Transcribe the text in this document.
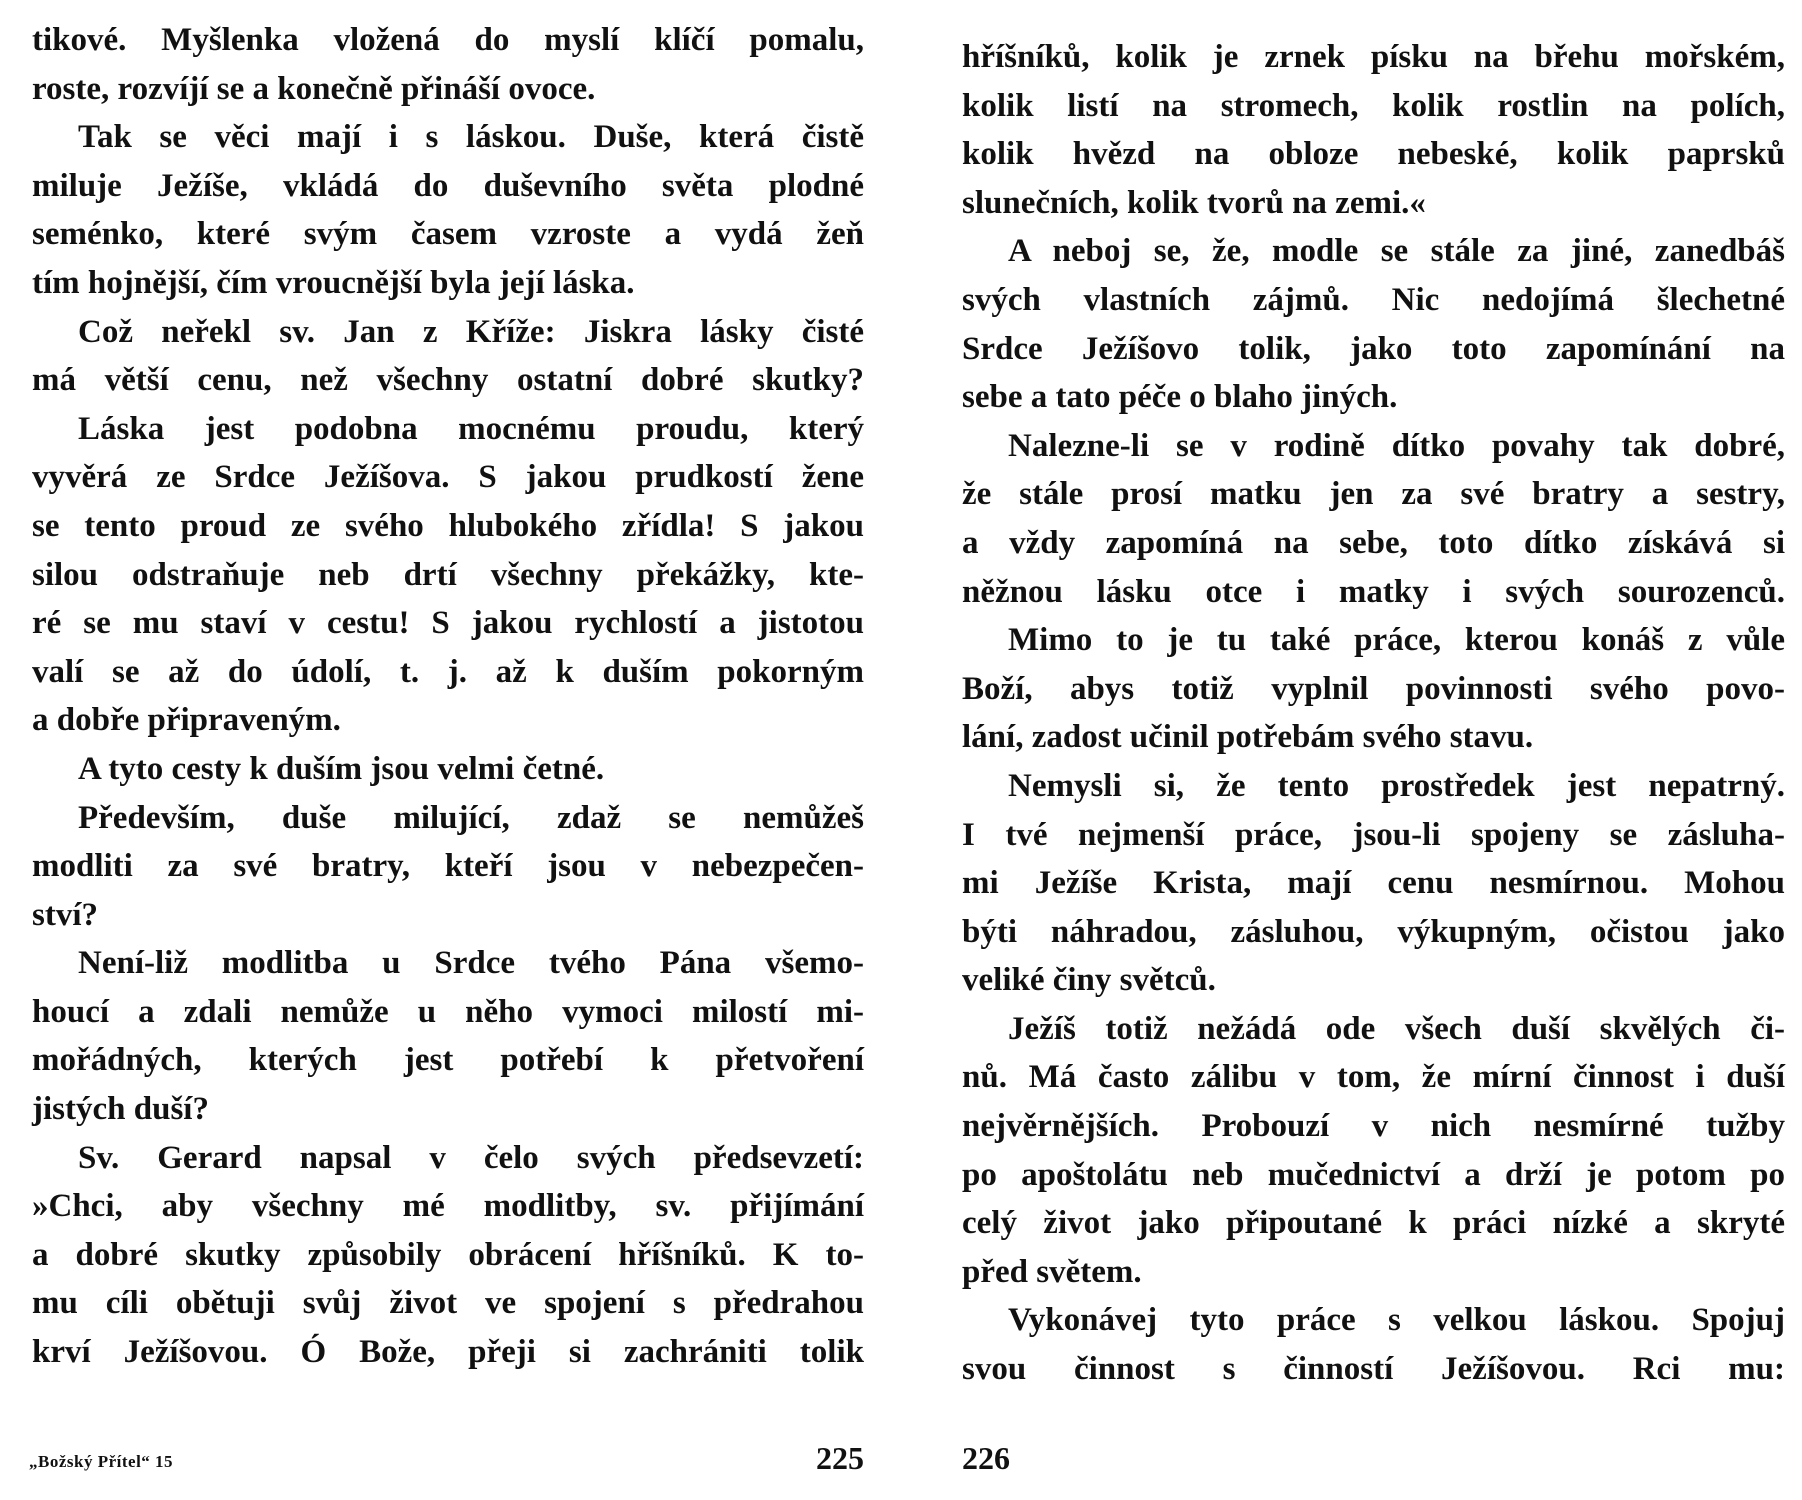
tikové. Myšlenka vložená do myslí klíčí pomalu,
roste, rozvíjí se a konečně přináší ovoce.
Tak se věci mají i s láskou. Duše, která čistě
miluje Ježíše, vkládá do duševního světa plodné
seménko, které svým časem vzroste a vydá žeň
tím hojnější, čím vroucnější byla její láska.
Což neřekl sv. Jan z Kříže: Jiskra lásky čisté
má větší cenu, než všechny ostatní dobré skutky?
Láska jest podobna mocnému proudu, který
vyvěrá ze Srdce Ježíšova. S jakou prudkostí žene
se tento proud ze svého hlubokého zřídla! S jakou
silou odstraňuje neb drtí všechny překážky, kte-
ré se mu staví v cestu! S jakou rychlostí a jistotou
valí se až do údolí, t. j. až k duším pokorným
a dobře připraveným.
A tyto cesty k duším jsou velmi četné.
Především, duše milující, zdaž se nemůžeš
modliti za své bratry, kteří jsou v nebezpečen-
ství?
Není-liž modlitba u Srdce tvého Pána všemo-
houcí a zdali nemůže u něho vymoci milostí mi-
mořádných, kterých jest potřebí k přetvoření
jistých duší?
Sv. Gerard napsal v čelo svých předsevzetí:
»Chci, aby všechny mé modlitby, sv. přijímání
a dobré skutky způsobily obrácení hříšníků. K to-
mu cíli obětuji svůj život ve spojení s předrahou
krví Ježíšovou. Ó Bože, přeji si zachrániti tolik
hříšníků, kolik je zrnek písku na břehu mořském,
kolik listí na stromech, kolik rostlin na polích,
kolik hvězd na obloze nebeské, kolik paprsků
slunečních, kolik tvorů na zemi.«
A neboj se, že, modle se stále za jiné, zanedbáš
svých vlastních zájmů. Nic nedojímá šlechetné
Srdce Ježíšovo tolik, jako toto zapomínání na
sebe a tato péče o blaho jiných.
Nalezne-li se v rodině dítko povahy tak dobré,
že stále prosí matku jen za své bratry a sestry,
a vždy zapomíná na sebe, toto dítko získává si
něžnou lásku otce i matky i svých sourozenců.
Mimo to je tu také práce, kterou konáš z vůle
Boží, abys totiž vyplnil povinnosti svého povo-
lání, zadost učinil potřebám svého stavu.
Nemysli si, že tento prostředek jest nepatrný.
I tvé nejmenší práce, jsou-li spojeny se zásluha-
mi Ježíše Krista, mají cenu nesmírnou. Mohou
býti náhradou, zásluhou, výkupným, očistou jako
veliké činy světců.
Ježíš totiž nežádá ode všech duší skvělých či-
nů. Má často zálibu v tom, že mírní činnost i duší
nejvěrnějších. Probouzí v nich nesmírné tužby
po apoštolátu neb mučednictví a drží je potom po
celý život jako připoutané k práci nízké a skryté
před světem.
Vykonávej tyto práce s velkou láskou. Spojuj
svou činnost s činností Ježíšovou. Rci mu:
„Božský Přítel“ 15	225	226
